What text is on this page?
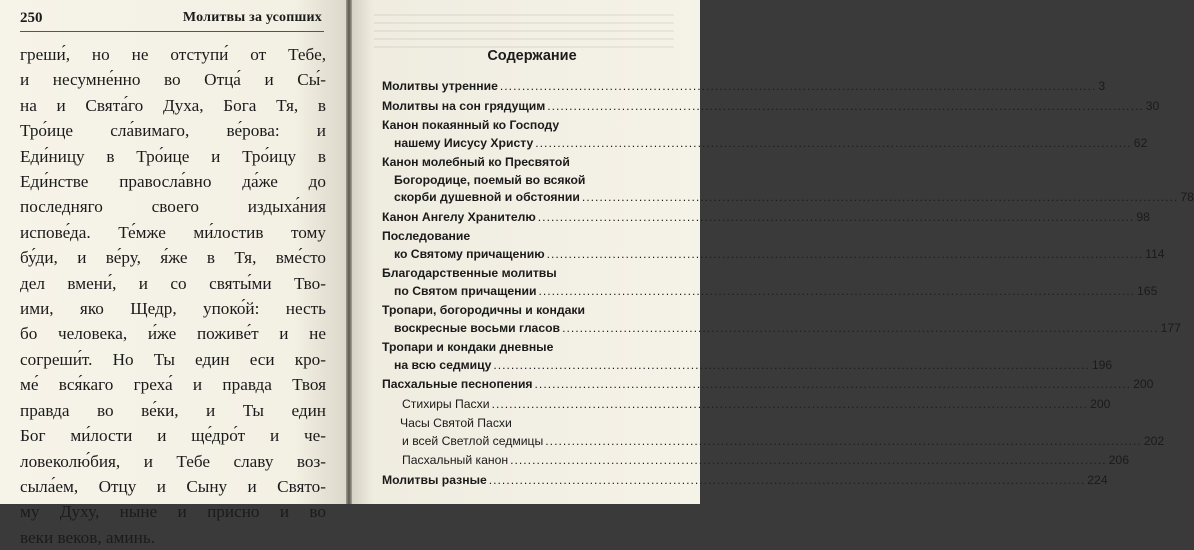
250	Молитвы за усопших
греши́, но не отступи́ от Тебе,
и несумне́нно во Отца́ и Сы́-
на и Свята́го Духа, Бога Тя, в
Тро́ице сла́вимаго, ве́рова: и
Еди́ницу в Тро́ице и Тро́ицу в
Еди́нстве правосла́вно да́же до
последняго своего издыха́ния
испове́да. Те́мже ми́лостив тому
бу́ди, и ве́ру, я́же в Тя, вме́сто
дел вмени́, и со святы́ми Тво-
ими, яко Щедр, упоко́й: несть
бо человека, и́же поживе́т и не
согреши́т. Но Ты един еси кро-
ме́ вся́каго греха́ и правда Твоя
правда во ве́ки, и Ты един
Бог ми́лости и ще́дро́т и че-
ловеколю́бия, и Тебе славу воз-
сыла́ем, Отцу и Сыну и Свято-
му Духу, ныне и присно и во
веки веков, аминь.
Содержание
Молитвы утренние .....	3
Молитвы на сон грядущим .....	30
Канон покаянный ко Господу
нашему Иисусу Христу .....	62
Канон молебный ко Пресвятой
Богородице, поемый во всякой
скорби душевной и обстоянии .....	78
Канон Ангелу Хранителю .....	98
Последование
ко Святому причащению .....	114
Благодарственные молитвы
по Святом причащении .....	165
Тропари, богородичны и кондаки
воскресные восьми гласов .....	177
Тропари и кондаки дневные
на всю седмицу .....	196
Пасхальные песнопения .....	200
Стихиры Пасхи .....	200
Часы Святой Пасхи
и всей Светлой седмицы .....	202
Пасхальный канон .....	206
Молитвы разные .....	224
